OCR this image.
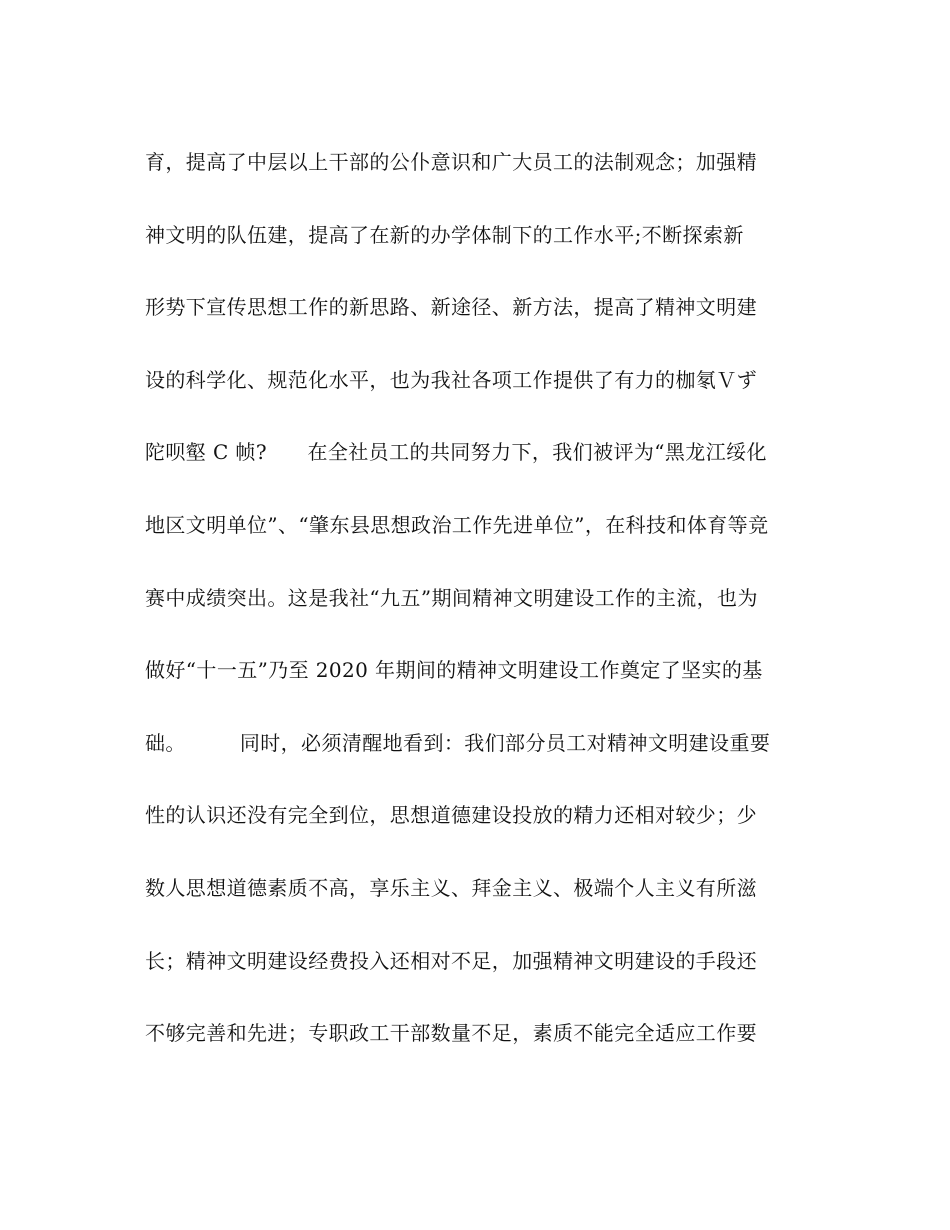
育，提高了中层以上干部的公仆意识和广大员工的法制观念；加强精
神文明的队伍建，提高了在新的办学体制下的工作水平;不断探索新
形势下宣传思想工作的新思路、新途径、新方法，提高了精神文明建
设的科学化、规范化水平，也为我社各项工作提供了有力的枷氡Ｖず
陀呗壑 C 帧?      在全社员工的共同努力下，我们被评为“黑龙江绥化
地区文明单位”、“肇东县思想政治工作先进单位”，在科技和体育等竞
赛中成绩突出。这是我社“九五”期间精神文明建设工作的主流，也为
做好“十一五”乃至 2020 年期间的精神文明建设工作奠定了坚实的基
础。        同时，必须清醒地看到：我们部分员工对精神文明建设重要
性的认识还没有完全到位，思想道德建设投放的精力还相对较少；少
数人思想道德素质不高，享乐主义、拜金主义、极端个人主义有所滋
长；精神文明建设经费投入还相对不足，加强精神文明建设的手段还
不够完善和先进；专职政工干部数量不足，素质不能完全适应工作要
